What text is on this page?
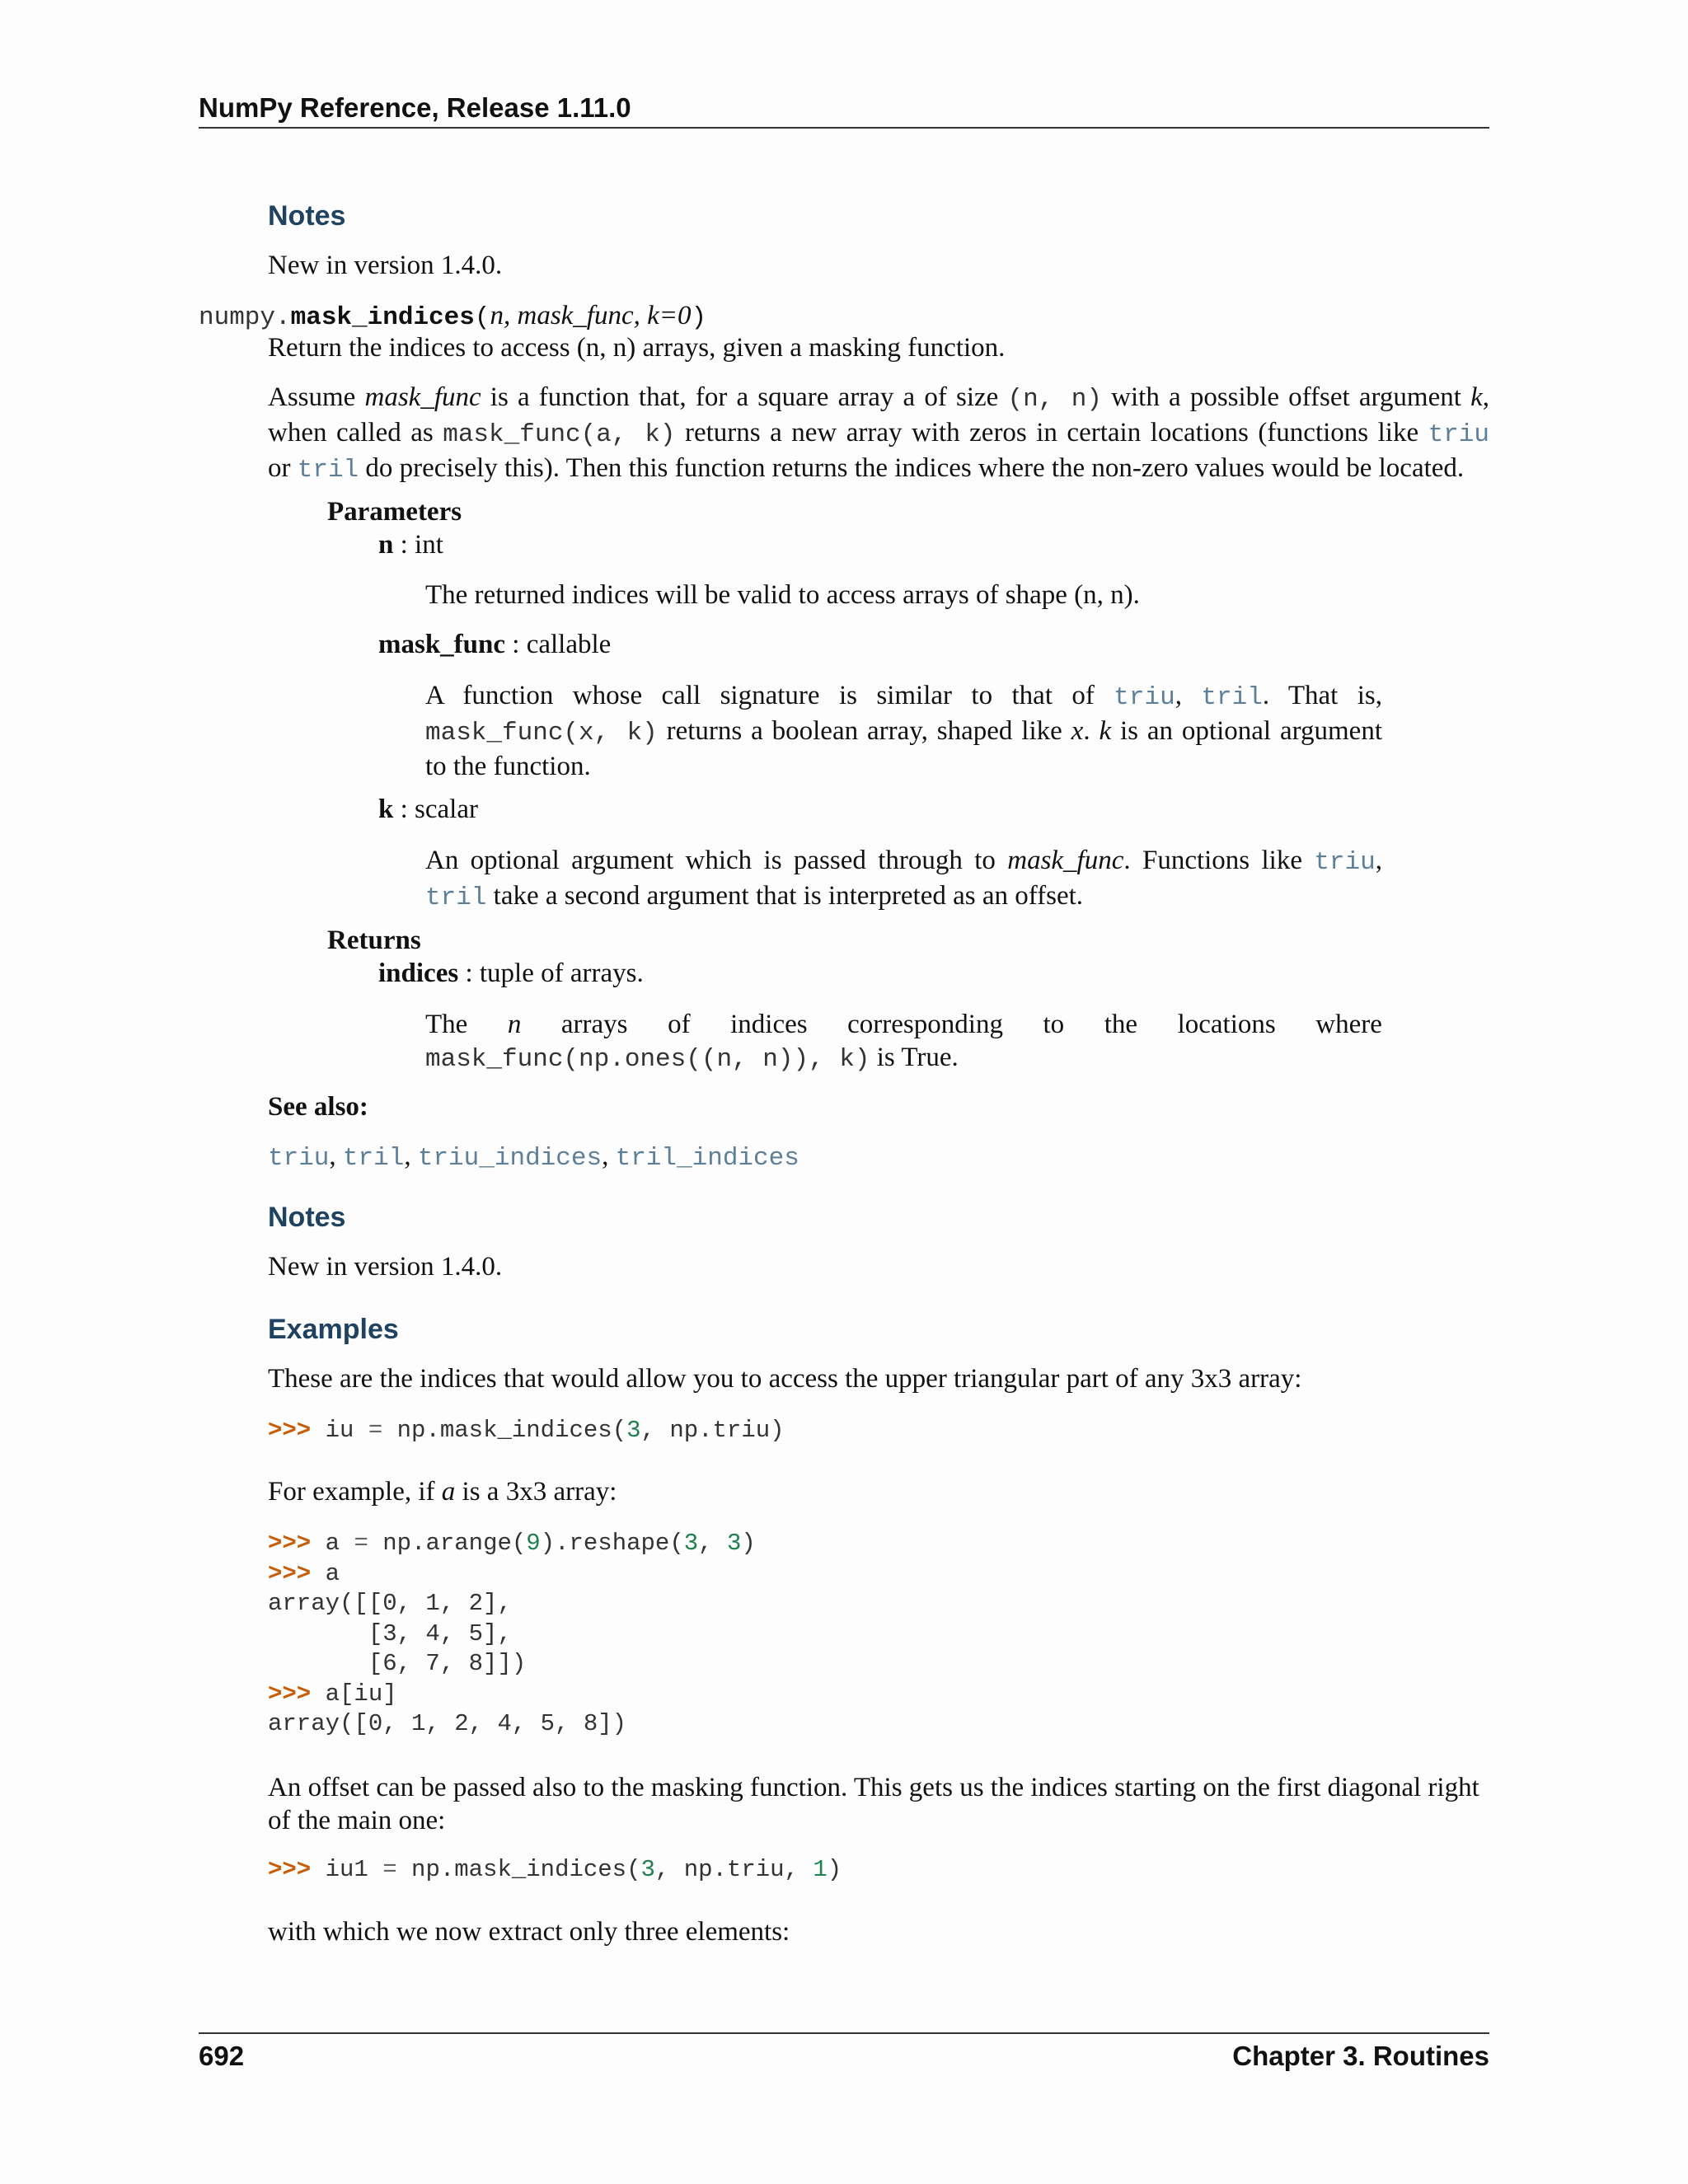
NumPy Reference, Release 1.11.0
Notes
New in version 1.4.0.
numpy.mask_indices(n, mask_func, k=0)
Return the indices to access (n, n) arrays, given a masking function.
Assume mask_func is a function that, for a square array a of size (n, n) with a possible offset argument k,
when called as mask_func(a, k) returns a new array with zeros in certain locations (functions like triu
or tril do precisely this). Then this function returns the indices where the non-zero values would be located.
Parameters
n : int
The returned indices will be valid to access arrays of shape (n, n).
mask_func : callable
A function whose call signature is similar to that of triu, tril. That is,
mask_func(x, k) returns a boolean array, shaped like x. k is an optional argument
to the function.
k : scalar
An optional argument which is passed through to mask_func. Functions like triu,
tril take a second argument that is interpreted as an offset.
Returns
indices : tuple of arrays.
The n arrays of indices corresponding to the locations where
mask_func(np.ones((n, n)), k) is True.
See also:
triu, tril, triu_indices, tril_indices
Notes
New in version 1.4.0.
Examples
These are the indices that would allow you to access the upper triangular part of any 3x3 array:
>>> iu = np.mask_indices(3, np.triu)
For example, if a is a 3x3 array:
>>> a = np.arange(9).reshape(3, 3)
>>> a
array([[0, 1, 2],
[3, 4, 5],
[6, 7, 8]])
>>> a[iu]
array([0, 1, 2, 4, 5, 8])
An offset can be passed also to the masking function. This gets us the indices starting on the first diagonal right of the main one:
>>> iu1 = np.mask_indices(3, np.triu, 1)
with which we now extract only three elements:
692	Chapter 3. Routines
